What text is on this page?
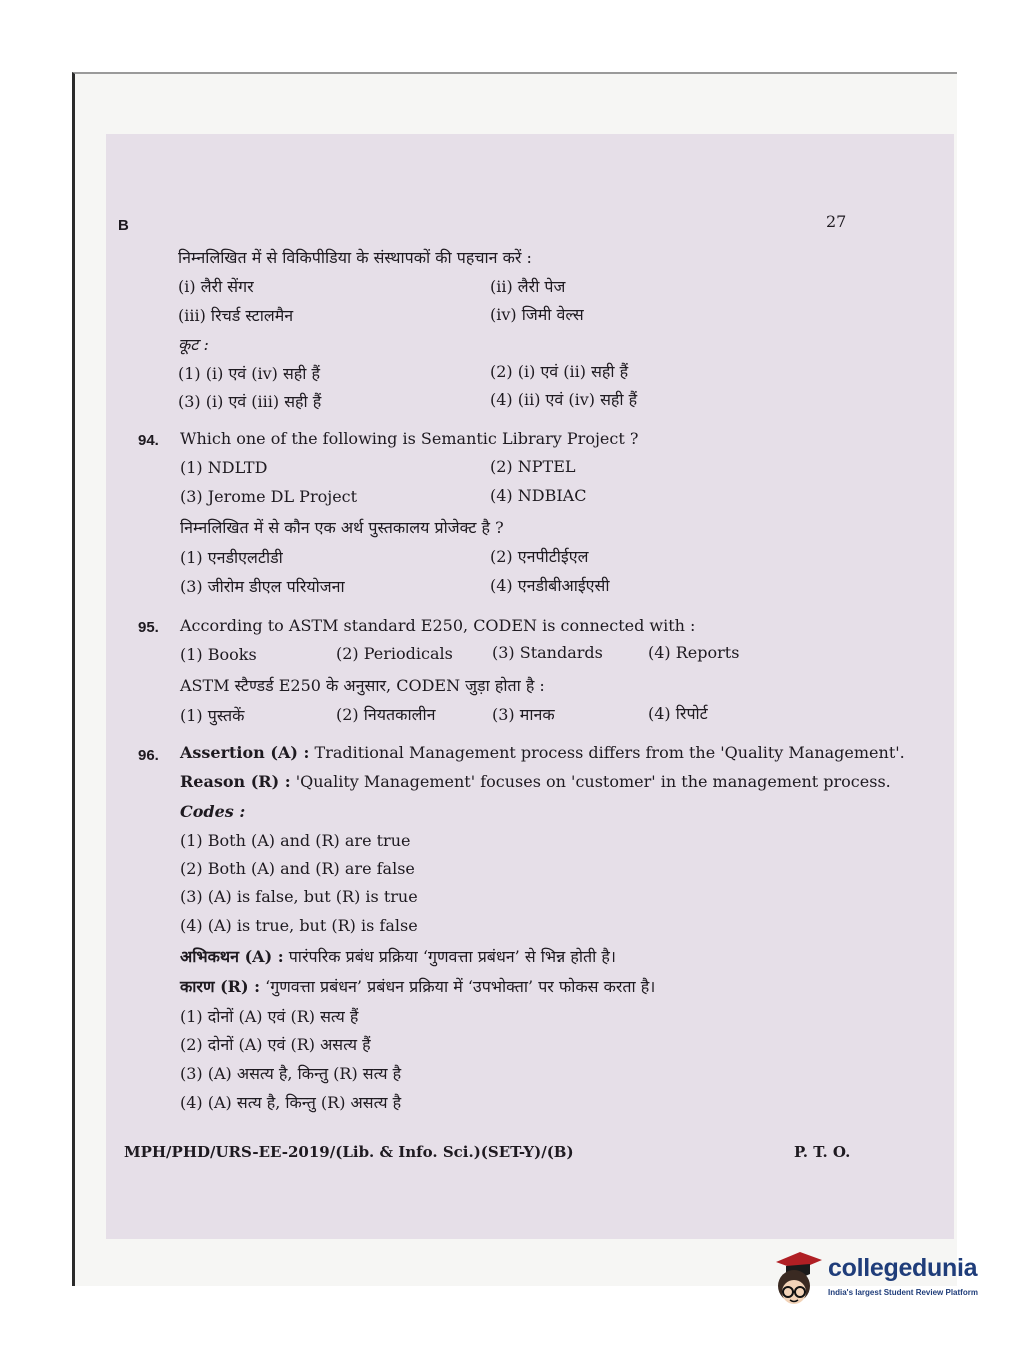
B	27
निम्नलिखित में से विकिपीडिया के संस्थापकों की पहचान करें :
(i) लैरी सेंगर	(ii) लैरी पेज
(iii) रिचर्ड स्टालमैन	(iv) जिमी वेल्स
कूट :
(1) (i) एवं (iv) सही हैं	(2) (i) एवं (ii) सही हैं
(3) (i) एवं (iii) सही हैं	(4) (ii) एवं (iv) सही हैं
94. Which one of the following is Semantic Library Project ?
(1) NDLTD	(2) NPTEL
(3) Jerome DL Project	(4) NDBIAC
निम्नलिखित में से कौन एक अर्थ पुस्तकालय प्रोजेक्ट है ?
(1) एनडीएलटीडी	(2) एनपीटीईएल
(3) जीरोम डीएल परियोजना	(4) एनडीबीआईएसी
95. According to ASTM standard E250, CODEN is connected with :
(1) Books	(2) Periodicals (3) Standards	(4) Reports
ASTM स्टैण्डर्ड E250 के अनुसार, CODEN जुड़ा होता है :
(1) पुस्तकें	(2) नियतकालीन	(3) मानक	(4) रिपोर्ट
96. Assertion (A) : Traditional Management process differs from the 'Quality Management'.
Reason (R) : 'Quality Management' focuses on 'customer' in the management process.
Codes :
(1) Both (A) and (R) are true
(2) Both (A) and (R) are false
(3) (A) is false, but (R) is true
(4) (A) is true, but (R) is false
अभिकथन (A) : पारंपरिक प्रबंध प्रक्रिया ‘गुणवत्ता प्रबंधन’ से भिन्न होती है।
कारण (R) : ‘गुणवत्ता प्रबंधन’ प्रबंधन प्रक्रिया में ‘उपभोक्ता’ पर फोकस करता है।
(1) दोनों (A) एवं (R) सत्य हैं
(2) दोनों (A) एवं (R) असत्य हैं
(3) (A) असत्य है, किन्तु (R) सत्य है
(4) (A) सत्य है, किन्तु (R) असत्य है
MPH/PHD/URS-EE-2019/(Lib. & Info. Sci.)(SET-Y)/(B)	P. T. O.
collegedunia
India's largest Student Review Platform
